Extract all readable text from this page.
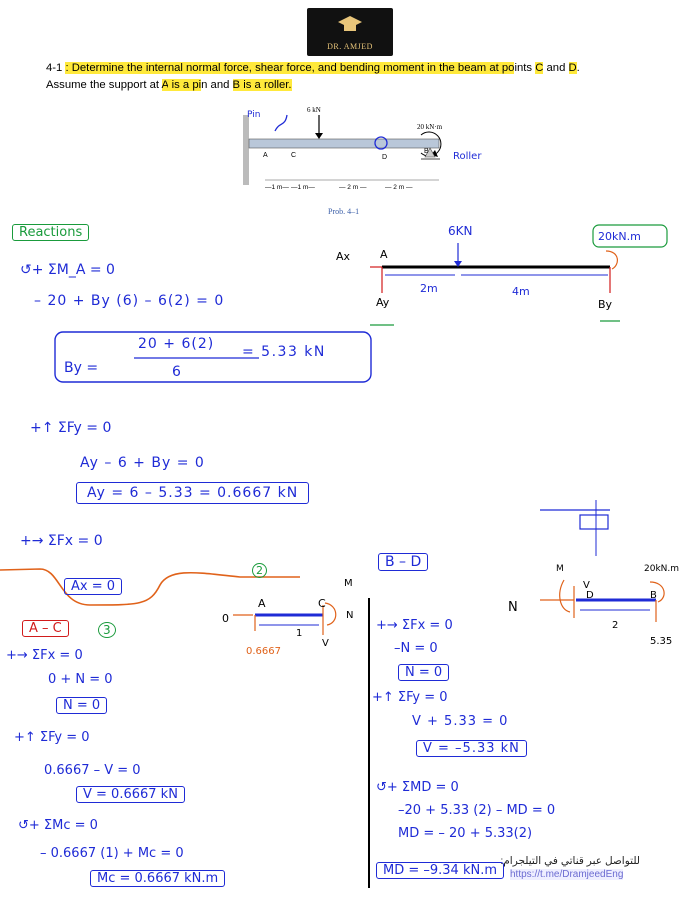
DR. AMJED
4-1 : Determine the internal normal force, shear force, and bending moment in the beam at points C and D.
Assume the support at A is a pin and B is a roller.
6 kN
20 kN·m
A	C	D
B
—1 m— —1 m—	— 2 m —	— 2 m —
Pin
Roller
Prob. 4–1
Reactions
↺+ ΣM_A = 0
– 20 + By (6) – 6(2) = 0
By =
20 + 6(2)
6
= 5.33 kN
+↑ ΣFy = 0
Ay – 6 + By = 0
Ay = 6 – 5.33 = 0.6667 kN
+→ ΣFx = 0
Ax = 0
Ax	A
Ay
6KN	20kN.m
By
2m	4m
A – C	3
+→ ΣFx = 0
0 + N = 0
N = 0
+↑ ΣFy = 0
0.6667 – V = 0
V = 0.6667 kN
↺+ ΣMc = 0
– 0.6667 (1) + Mc = 0
Mc = 0.6667 kN.m
2
A	C
0
0.6667
1
M
N
V
B – D
+→ ΣFx = 0
–N = 0
N = 0
+↑ ΣFy = 0
V + 5.33 = 0
V = –5.33 kN
↺+ ΣMD = 0
–20 + 5.33 (2) – MD = 0
MD = – 20 + 5.33(2)
MD = –9.34 kN.m
N
V
D	B
2
M	20kN.m
5.35
للتواصل عبر قناتي في التيلجرام:
https://t.me/DramjeedEng
